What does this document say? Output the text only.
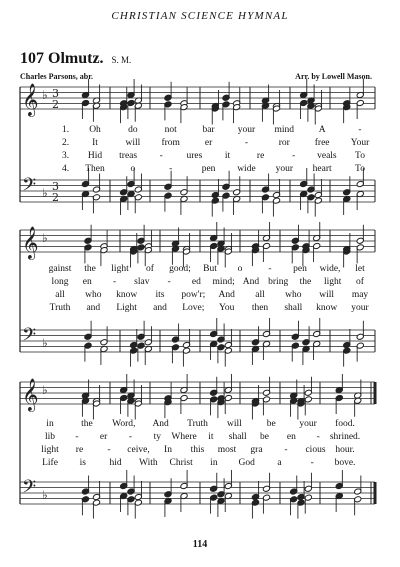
CHRISTIAN SCIENCE HYMNAL
107 Olmutz. S. M.
Charles Parsons, abr.	Arr. by Lowell Mason.
𝄞
𝄢
♭
♭
3
2
3
2
𝄞
𝄢
♭
♭
𝄞
𝄢
♭
♭
1. Oh	do	not	bar your mind	A	-
2. It	will from	er	-	ror	free Your
3. Hid treas - ures it	re	- veals To
4. Then	o	-	pen wide your heart To
gainst the light of good; But o	- pen wide, let
long en - slav - ed mind; And bring the light of
all who know its pow'r; And all who will may
Truth and Light and Love; You then shall know your
in	the Word, And Truth will	be your food.
lib - er - ty Where it shall be en - shrined.
light re	- ceive, In this most gra - cious hour.
Life is hid With Christ in God a	- bove.
114
